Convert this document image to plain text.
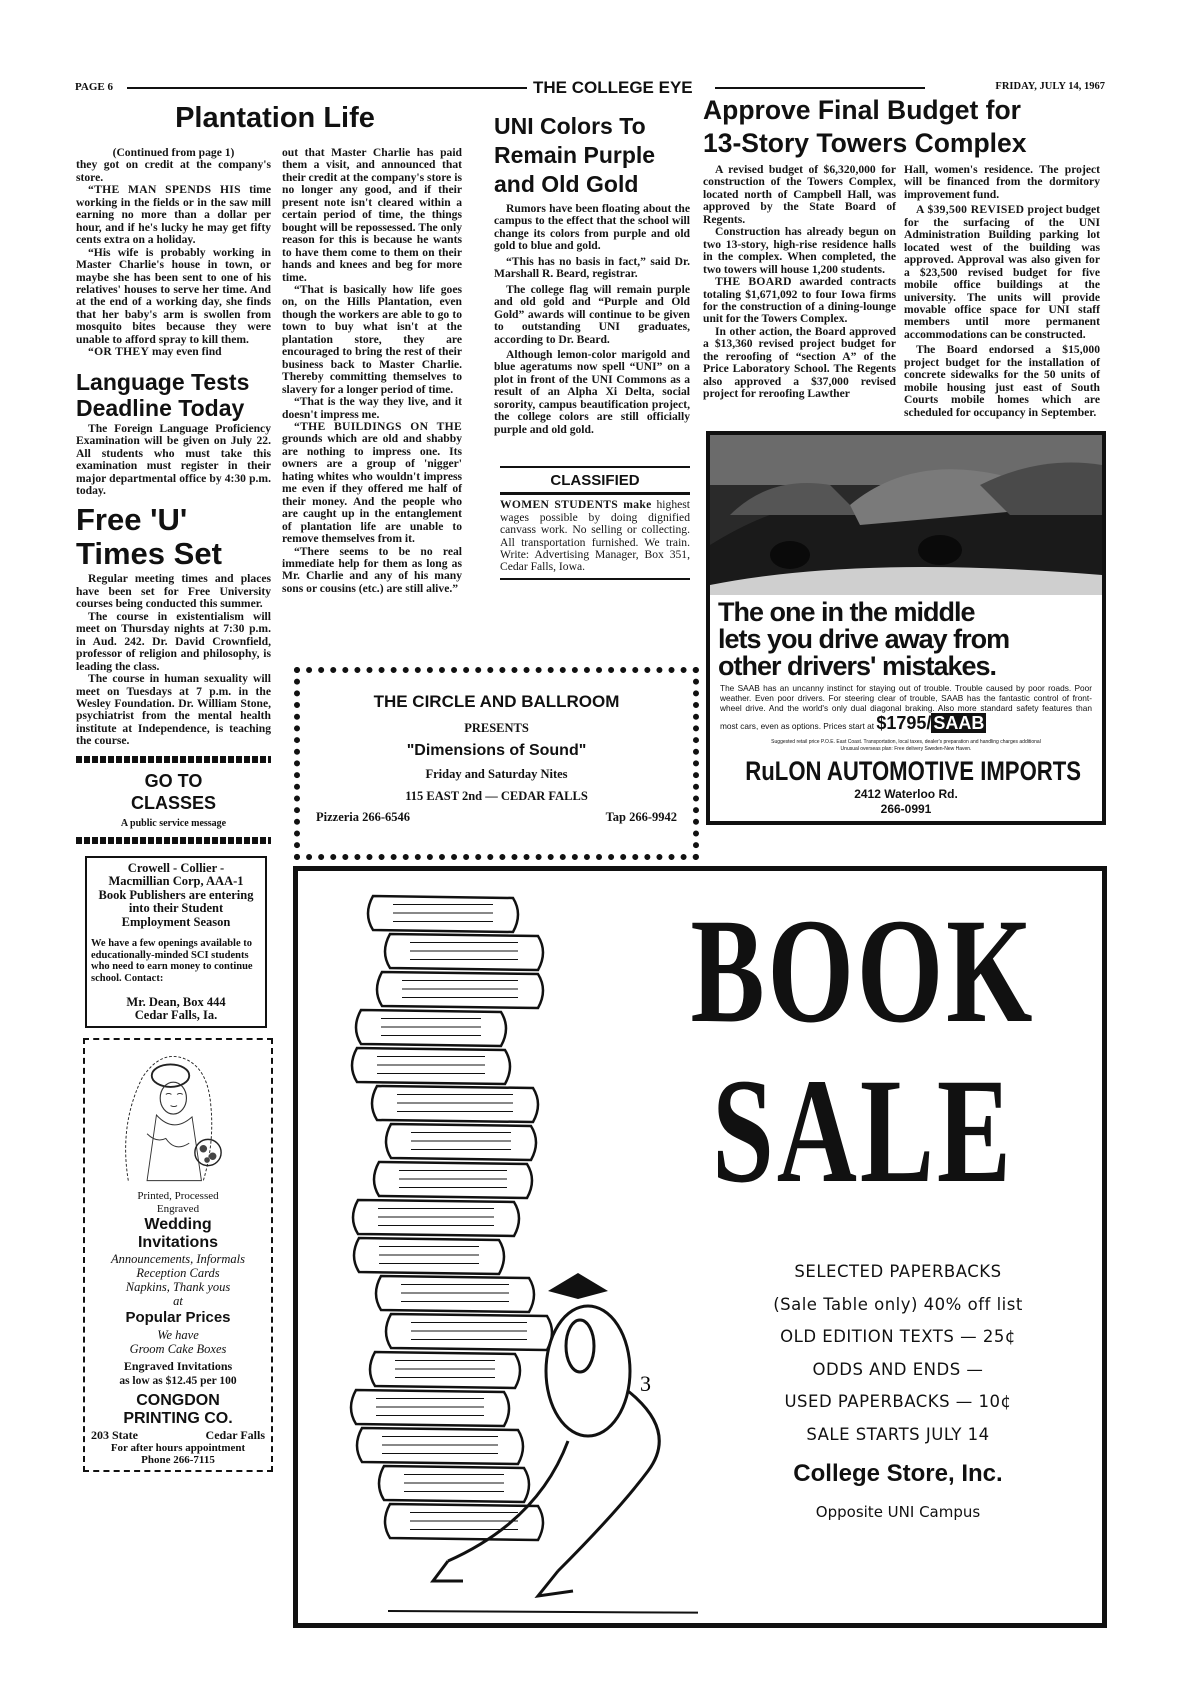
PAGE 6	THE COLLEGE EYE	FRIDAY, JULY 14, 1967
Plantation Life

(Continued from page 1)

they got on credit at the company's store.

“THE MAN SPENDS HIS time working in the fields or in the saw mill earning no more than a dollar per hour, and if he's lucky he may get fifty cents extra on a holiday.

“His wife is probably working in Master Charlie's house in town, or maybe she has been sent to one of his relatives' houses to serve her time. And at the end of a working day, she finds that her baby's arm is swollen from mosquito bites because they were unable to afford spray to kill them.

“OR THEY may even find

Language Tests
Deadline Today

The Foreign Language Proficiency Examination will be given on July 22. All students who must take this examination must register in their major departmental office by 4:30 p.m. today.

Free 'U'
Times Set

Regular meeting times and places have been set for Free University courses being conducted this summer.

The course in existentialism will meet on Thursday nights at 7:30 p.m. in Aud. 242. Dr. David Crownfield, professor of religion and philosophy, is leading the class.

The course in human sexuality will meet on Tuesdays at 7 p.m. in the Wesley Foundation. Dr. William Stone, psychiatrist from the mental health institute at Independence, is teaching the course.

GO TO
CLASSES
A public service message
Crowell - Collier - Macmillian Corp, AAA-1 Book Publishers are entering into their Student Employment Season
We have a few openings available to educationally-minded SCI students who need to earn money to continue school. Contact:
Mr. Dean, Box 444
Cedar Falls, Ia.
Printed, Processed
Engraved
Wedding
Invitations
Announcements, Informals
Reception Cards
Napkins, Thank yous
at
Popular Prices
We have
Groom Cake Boxes
Engraved Invitations
as low as $12.45 per 100
CONGDON
PRINTING CO.
203 State	Cedar Falls
For after hours appointment
Phone 266-7115

out that Master Charlie has paid them a visit, and announced that their credit at the company's store is no longer any good, and if their present note isn't cleared within a certain period of time, the things bought will be repossessed. The only reason for this is because he wants to have them come to them on their hands and knees and beg for more time.

“That is basically how life goes on, on the Hills Plantation, even though the workers are able to go to town to buy what isn't at the plantation store, they are encouraged to bring the rest of their business back to Master Charlie. Thereby committing themselves to slavery for a longer period of time.

“That is the way they live, and it doesn't impress me.

“THE BUILDINGS ON THE grounds which are old and shabby are nothing to impress one. Its owners are a group of 'nigger' hating whites who wouldn't impress me even if they offered me half of their money. And the people who are caught up in the entanglement of plantation life are unable to remove themselves from it.

“There seems to be no real immediate help for them as long as Mr. Charlie and any of his many sons or cousins (etc.) are still alive.”

UNI Colors To
Remain Purple
and Old Gold

Rumors have been floating about the campus to the effect that the school will change its colors from purple and old gold to blue and gold.

“This has no basis in fact,” said Dr. Marshall R. Beard, registrar.

The college flag will remain purple and old gold and “Purple and Old Gold” awards will continue to be given to outstanding UNI graduates, according to Dr. Beard.

Although lemon-color marigold and blue ageratums now spell “UNI” on a plot in front of the UNI Commons as a result of an Alpha Xi Delta, social sorority, campus beautification project, the college colors are still officially purple and old gold.

CLASSIFIED

WOMEN STUDENTS make highest wages possible by doing dignified canvass work. No selling or collecting. All transportation furnished. We train. Write: Advertising Manager, Box 351, Cedar Falls, Iowa.

Approve Final Budget for
13-Story Towers Complex

A revised budget of $6,320,000 for construction of the Towers Complex, located north of Campbell Hall, was approved by the State Board of Regents.

Construction has already begun on two 13-story, high-rise residence halls in the complex. When completed, the two towers will house 1,200 students.

THE BOARD awarded contracts totaling $1,671,092 to four Iowa firms for the construction of a dining-lounge unit for the Towers Complex.

In other action, the Board approved a $13,360 revised project budget for the reroofing of “section A” of the Price Laboratory School. The Regents also approved a $37,000 revised project for reroofing Lawther

Hall, women's residence. The project will be financed from the dormitory improvement fund.

A $39,500 REVISED project budget for the surfacing of the UNI Administration Building parking lot located west of the building was approved. Approval was also given for a $23,500 revised budget for five mobile office buildings at the university. The units will provide movable office space for UNI staff members until more permanent accommodations can be constructed.

The Board endorsed a $15,000 project budget for the installation of concrete sidewalks for the 50 units of mobile housing just east of South Courts mobile homes which are scheduled for occupancy in September.

The one in the middle
lets you drive away from
other drivers' mistakes.
The SAAB has an uncanny instinct for staying out of trouble. Trouble caused by poor roads. Poor weather. Even poor drivers. For steering clear of trouble, SAAB has the fantastic control of front-wheel drive. And the world's only dual diagonal braking. Also more standard safety features than most cars, even as options. Prices start at $1795/ SAAB
Suggested retail price P.O.E. East Coast. Transportation, local taxes, dealer's preparation and handling charges additional
Unusual overseas plan: Free delivery Sweden-New Haven.
RuLON AUTOMOTIVE IMPORTS
2412 Waterloo Rd.
266-0991
THE CIRCLE AND BALLROOM
PRESENTS
"Dimensions of Sound"
Friday and Saturday Nites
115 EAST 2nd — CEDAR FALLS
Pizzeria 266-6546	Tap 266-9942
3
BOOK
SALE
SELECTED PAPERBACKS
(Sale Table only) 40% off list
OLD EDITION TEXTS — 25¢
ODDS AND ENDS —
USED PAPERBACKS — 10¢
SALE STARTS JULY 14
College Store, Inc.
Opposite UNI Campus
